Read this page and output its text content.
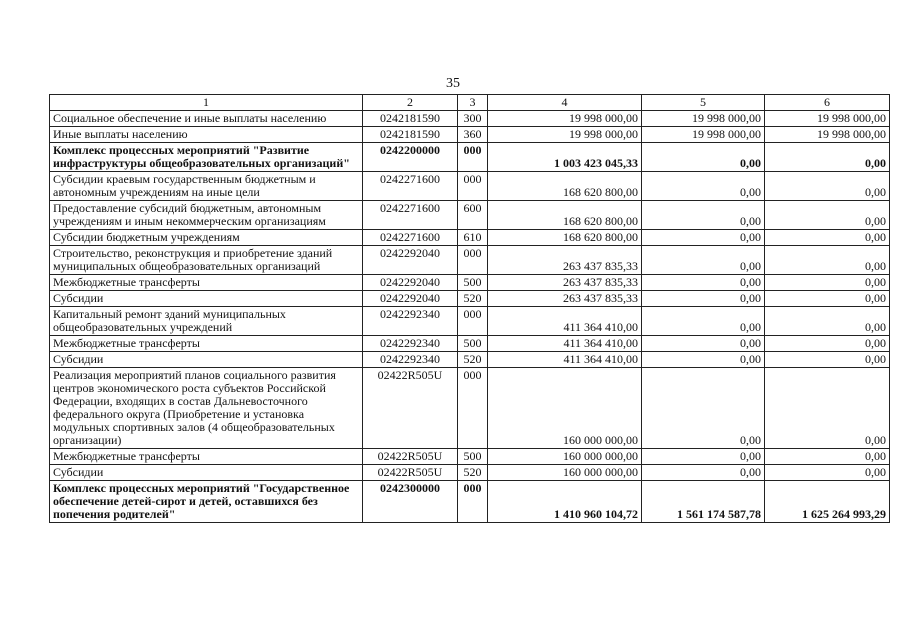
35
1	2	3	4	5	6
Социальное обеспечение и иные выплаты населению	0242181590	300	19 998 000,00	19 998 000,00	19 998 000,00
Иные выплаты населению	0242181590	360	19 998 000,00	19 998 000,00	19 998 000,00
Комплекс процессных мероприятий "Развитие инфраструктуры общеобразовательных организаций"	0242200000	000	1 003 423 045,33	0,00	0,00
Субсидии краевым государственным бюджетным и автономным учреждениям на иные цели	0242271600	000	168 620 800,00	0,00	0,00
Предоставление субсидий бюджетным, автономным учреждениям и иным некоммерческим организациям	0242271600	600	168 620 800,00	0,00	0,00
Субсидии бюджетным учреждениям	0242271600	610	168 620 800,00	0,00	0,00
Строительство, реконструкция и приобретение зданий муниципальных общеобразовательных организаций	0242292040	000	263 437 835,33	0,00	0,00
Межбюджетные трансферты	0242292040	500	263 437 835,33	0,00	0,00
Субсидии	0242292040	520	263 437 835,33	0,00	0,00
Капитальный ремонт зданий муниципальных общеобразовательных учреждений	0242292340	000	411 364 410,00	0,00	0,00
Межбюджетные трансферты	0242292340	500	411 364 410,00	0,00	0,00
Субсидии	0242292340	520	411 364 410,00	0,00	0,00
Реализация мероприятий планов социального развития центров экономического роста субъектов Российской Федерации, входящих в состав Дальневосточного федерального округа (Приобретение и установка модульных спортивных залов (4 общеобразовательных организации)	02422R505U	000	160 000 000,00	0,00	0,00
Межбюджетные трансферты	02422R505U	500	160 000 000,00	0,00	0,00
Субсидии	02422R505U	520	160 000 000,00	0,00	0,00
Комплекс процессных мероприятий "Государственное обеспечение детей-сирот и детей, оставшихся без попечения родителей"	0242300000	000	1 410 960 104,72	1 561 174 587,78	1 625 264 993,29
